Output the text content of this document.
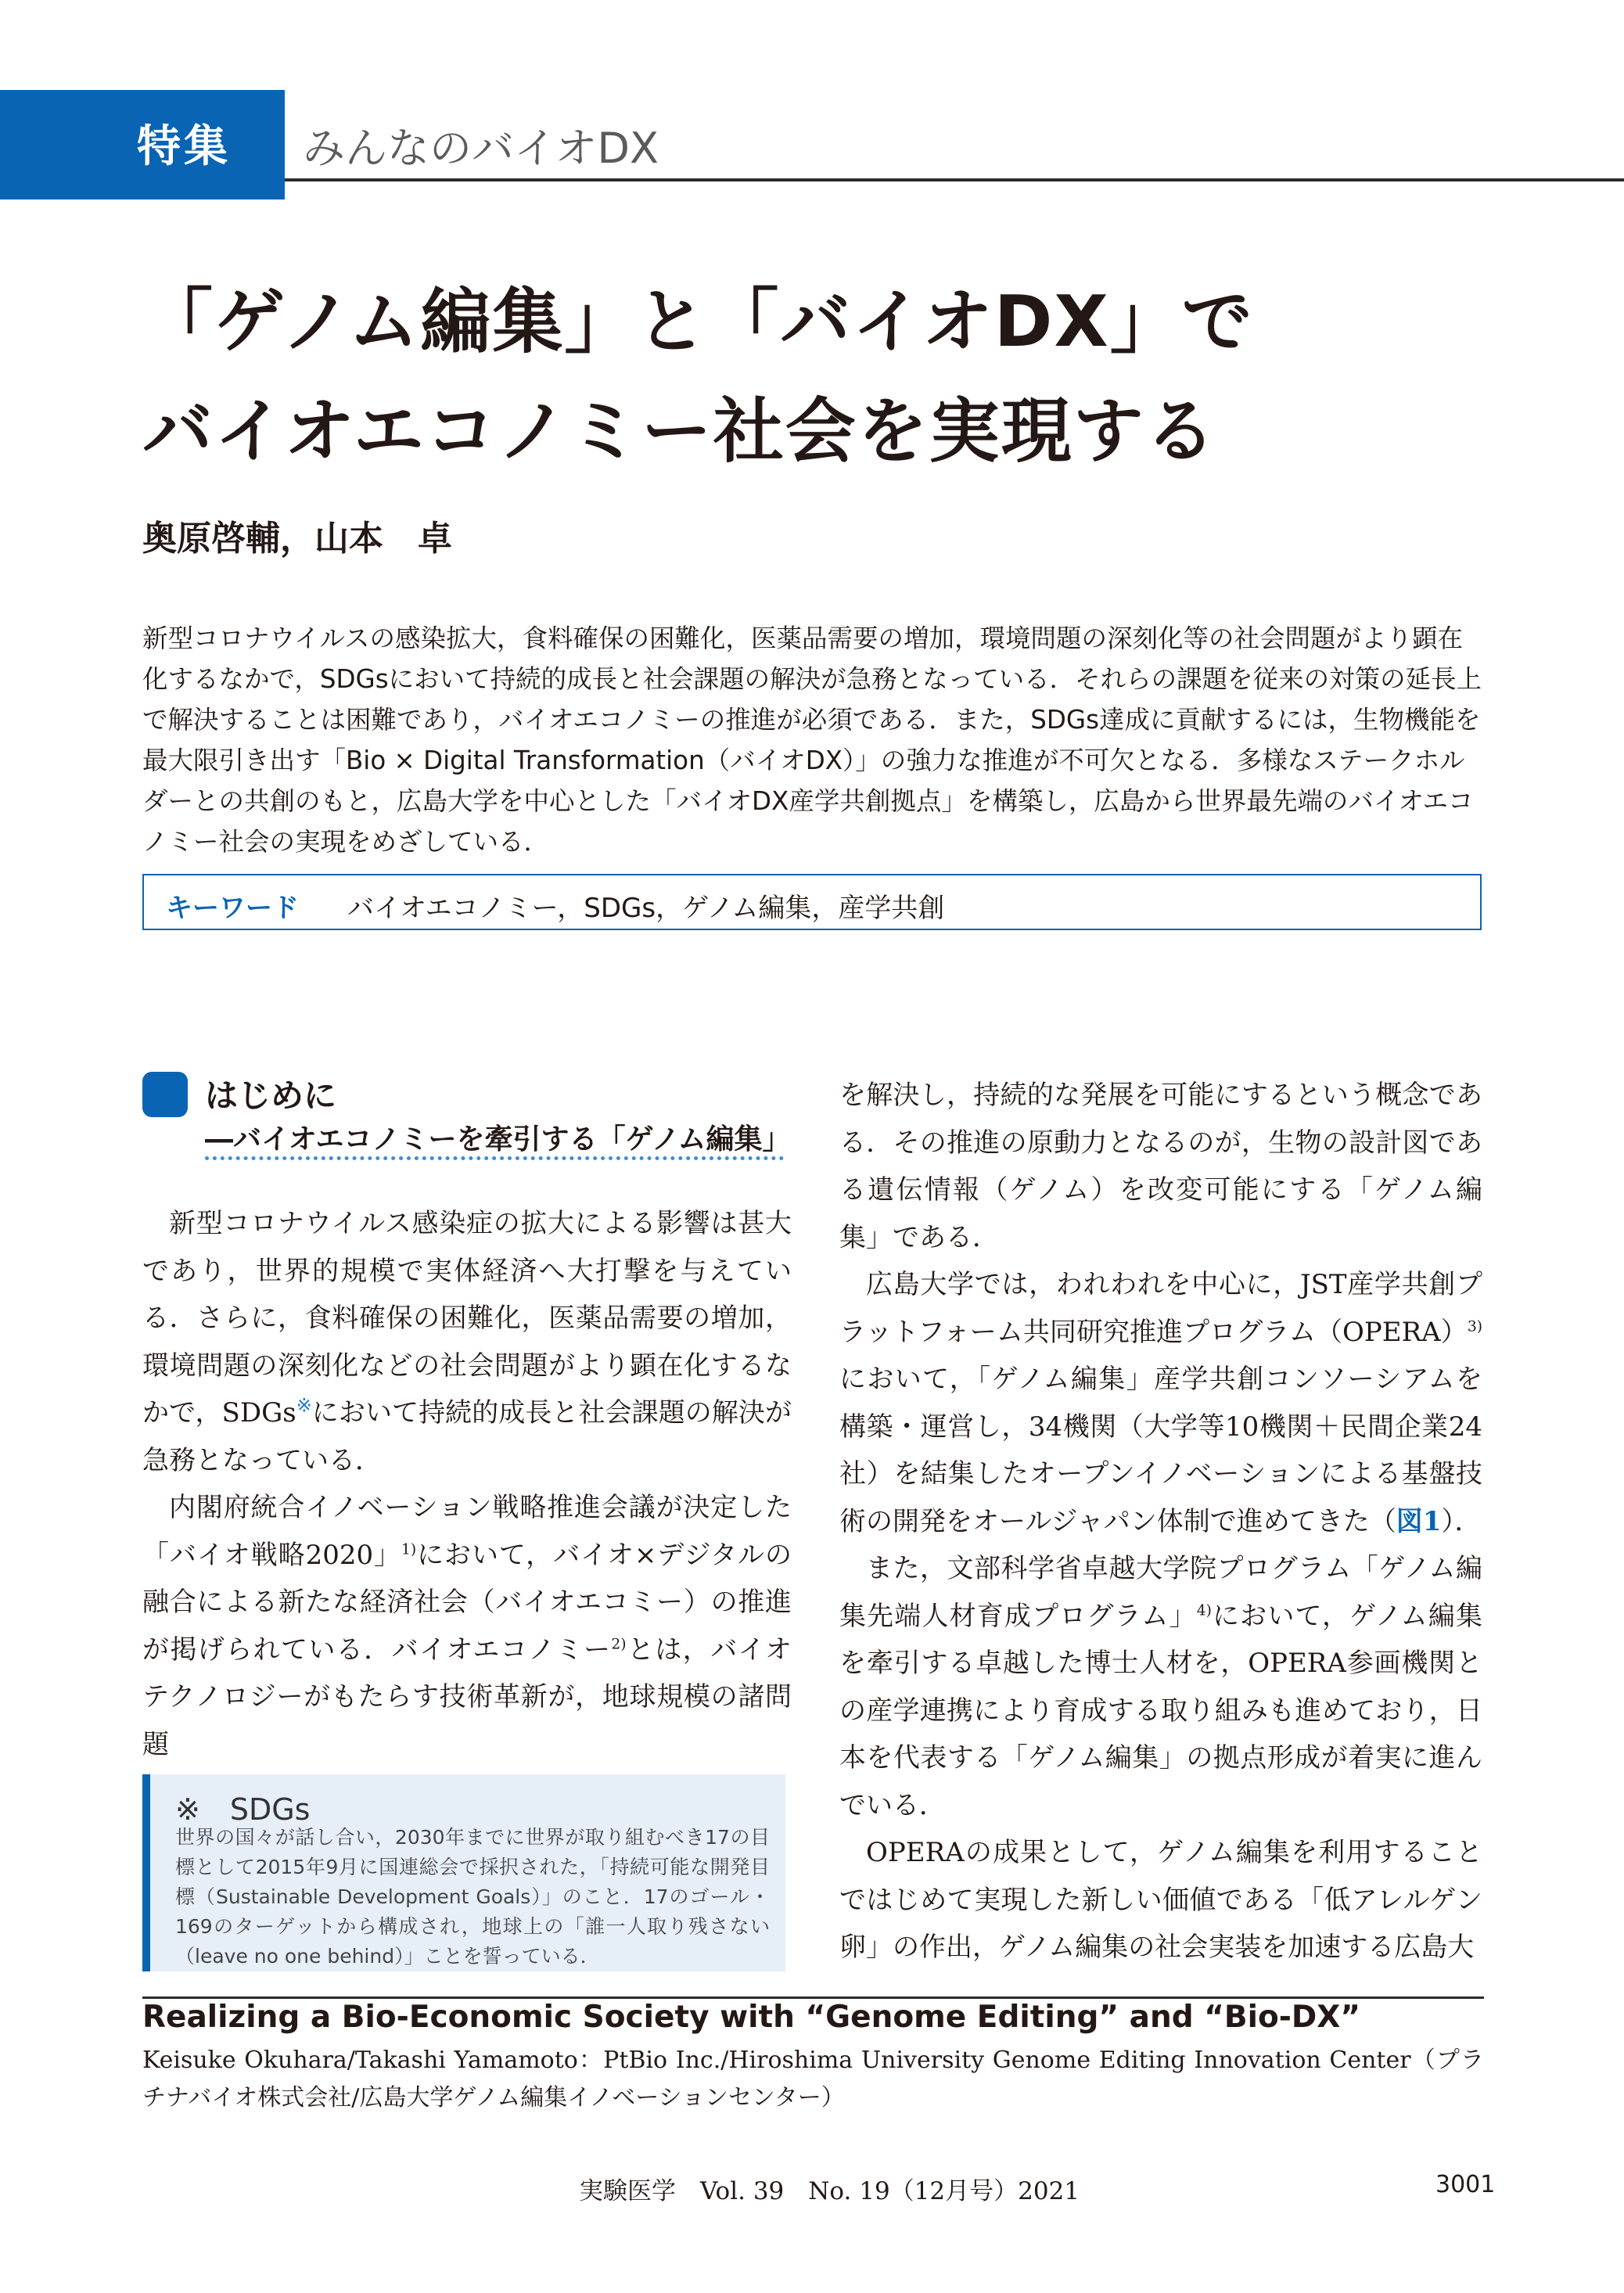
特集 みんなのバイオDX
「ゲノム編集」と「バイオDX」で
バイオエコノミー社会を実現する
奥原啓輔，山本　卓
新型コロナウイルスの感染拡大，食料確保の困難化，医薬品需要の増加，環境問題の深刻化等の社会問題がより顕在化するなかで，SDGsにおいて持続的成長と社会課題の解決が急務となっている．それらの課題を従来の対策の延長上で解決することは困難であり，バイオエコノミーの推進が必須である．また，SDGs達成に貢献するには，生物機能を最大限引き出す「Bio × Digital Transformation（バイオDX）」の強力な推進が不可欠となる．多様なステークホルダーとの共創のもと，広島大学を中心とした「バイオDX産学共創拠点」を構築し，広島から世界最先端のバイオエコノミー社会の実現をめざしている．
キーワード バイオエコノミー，SDGs，ゲノム編集，産学共創
はじめに
―バイオエコノミーを牽引する「ゲノム編集」

新型コロナウイルス感染症の拡大による影響は甚大であり，世界的規模で実体経済へ大打撃を与えている．さらに，食料確保の困難化，医薬品需要の増加，環境問題の深刻化などの社会問題がより顕在化するなかで，SDGs※において持続的成長と社会課題の解決が急務となっている．

内閣府統合イノベーション戦略推進会議が決定した「バイオ戦略2020」$^{1)}$において，バイオ×デジタルの融合による新たな経済社会（バイオエコミー）の推進が掲げられている．バイオエコノミー$^{2)}$とは，バイオテクノロジーがもたらす技術革新が，地球規模の諸問題

※　SDGs
世界の国々が話し合い，2030年までに世界が取り組むべき17の目標として2015年9月に国連総会で採択された，「持続可能な開発目標（Sustainable Development Goals）」のこと．17のゴール・169のターゲットから構成され，地球上の「誰一人取り残さない（leave no one behind）」ことを誓っている．

を解決し，持続的な発展を可能にするという概念である．その推進の原動力となるのが，生物の設計図である遺伝情報（ゲノム）を改変可能にする「ゲノム編集」である．

広島大学では，われわれを中心に，JST産学共創プラットフォーム共同研究推進プログラム（OPERA）$^{3)}$において，「ゲノム編集」産学共創コンソーシアムを構築・運営し，34機関（大学等10機関＋民間企業24社）を結集したオープンイノベーションによる基盤技術の開発をオールジャパン体制で進めてきた（図1）．

また，文部科学省卓越大学院プログラム「ゲノム編集先端人材育成プログラム」$^{4)}$において，ゲノム編集を牽引する卓越した博士人材を，OPERA参画機関との産学連携により育成する取り組みも進めており，日本を代表する「ゲノム編集」の拠点形成が着実に進んでいる．

OPERAの成果として，ゲノム編集を利用することではじめて実現した新しい価値である「低アレルゲン卵」の作出，ゲノム編集の社会実装を加速する広島大

Realizing a Bio-Economic Society with “Genome Editing” and “Bio-DX”
Keisuke Okuhara/Takashi Yamamoto：PtBio Inc./Hiroshima University Genome Editing Innovation Center（プラチナバイオ株式会社/広島大学ゲノム編集イノベーションセンター）
実験医学　Vol. 39　No. 19（12月号）2021	3001
